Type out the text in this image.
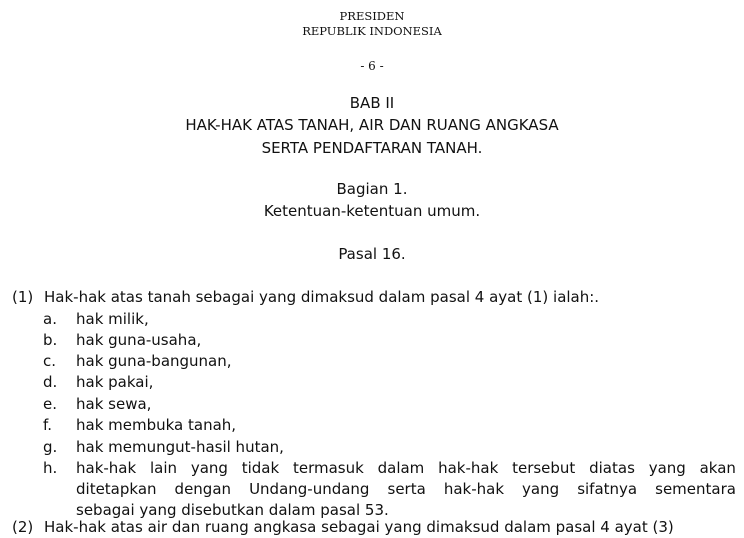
PRESIDEN
REPUBLIK INDONESIA
- 6 -
BAB II
HAK-HAK ATAS TANAH, AIR DAN RUANG ANGKASA
SERTA PENDAFTARAN TANAH.
Bagian 1.
Ketentuan-ketentuan umum.
Pasal 16.
(1) Hak-hak atas tanah sebagai yang dimaksud dalam pasal 4 ayat (1) ialah:.
a. hak milik,
b. hak guna-usaha,
c. hak guna-bangunan,
d. hak pakai,
e. hak sewa,
f. hak membuka tanah,
g. hak memungut-hasil hutan,
h. hak-hak lain yang tidak termasuk dalam hak-hak tersebut diatas yang akan
ditetapkan dengan Undang-undang serta hak-hak yang sifatnya sementara
sebagai yang disebutkan dalam pasal 53.
(2) Hak-hak atas air dan ruang angkasa sebagai yang dimaksud dalam pasal 4 ayat (3)
